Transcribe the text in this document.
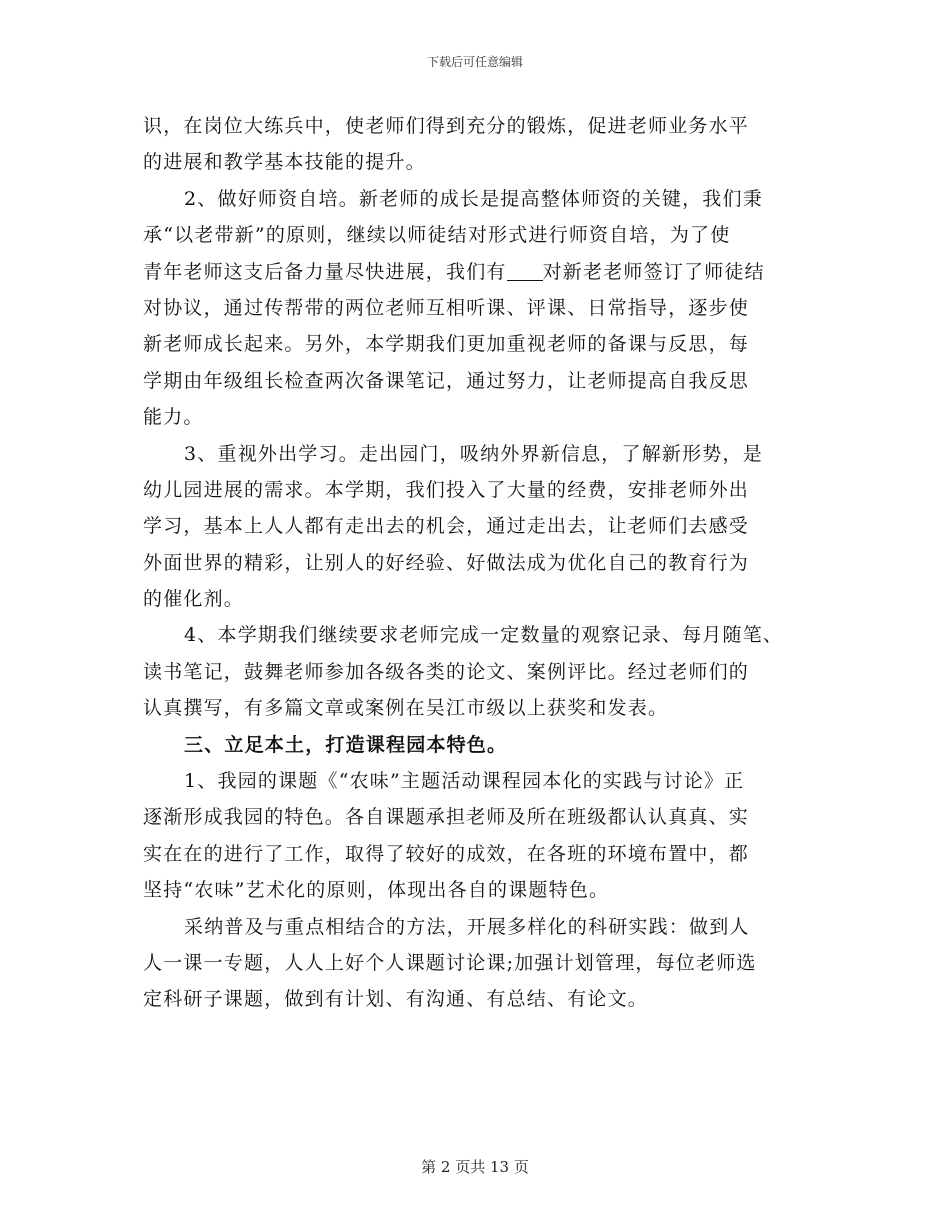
下载后可任意编辑
识，在岗位大练兵中，使老师们得到充分的锻炼，促进老师业务水平
的进展和教学基本技能的提升。
2、做好师资自培。新老师的成长是提高整体师资的关键，我们秉
承“以老带新”的原则，继续以师徒结对形式进行师资自培，为了使
青年老师这支后备力量尽快进展，我们有 对新老老师签订了师徒结
对协议，通过传帮带的两位老师互相听课、评课、日常指导，逐步使
新老师成长起来。另外，本学期我们更加重视老师的备课与反思，每
学期由年级组长检查两次备课笔记，通过努力，让老师提高自我反思
能力。
3、重视外出学习。走出园门，吸纳外界新信息，了解新形势，是
幼儿园进展的需求。本学期，我们投入了大量的经费，安排老师外出
学习，基本上人人都有走出去的机会，通过走出去，让老师们去感受
外面世界的精彩，让别人的好经验、好做法成为优化自己的教育行为
的催化剂。
4、本学期我们继续要求老师完成一定数量的观察记录、每月随笔、
读书笔记，鼓舞老师参加各级各类的论文、案例评比。经过老师们的
认真撰写，有多篇文章或案例在吴江市级以上获奖和发表。
三、立足本土，打造课程园本特色。
1、我园的课题《“农味”主题活动课程园本化的实践与讨论》正
逐渐形成我园的特色。各自课题承担老师及所在班级都认认真真、实
实在在的进行了工作，取得了较好的成效，在各班的环境布置中，都
坚持“农味”艺术化的原则，体现出各自的课题特色。
采纳普及与重点相结合的方法，开展多样化的科研实践：做到人
人一课一专题，人人上好个人课题讨论课;加强计划管理，每位老师选
定科研子课题，做到有计划、有沟通、有总结、有论文。
第 2 页共 13 页
